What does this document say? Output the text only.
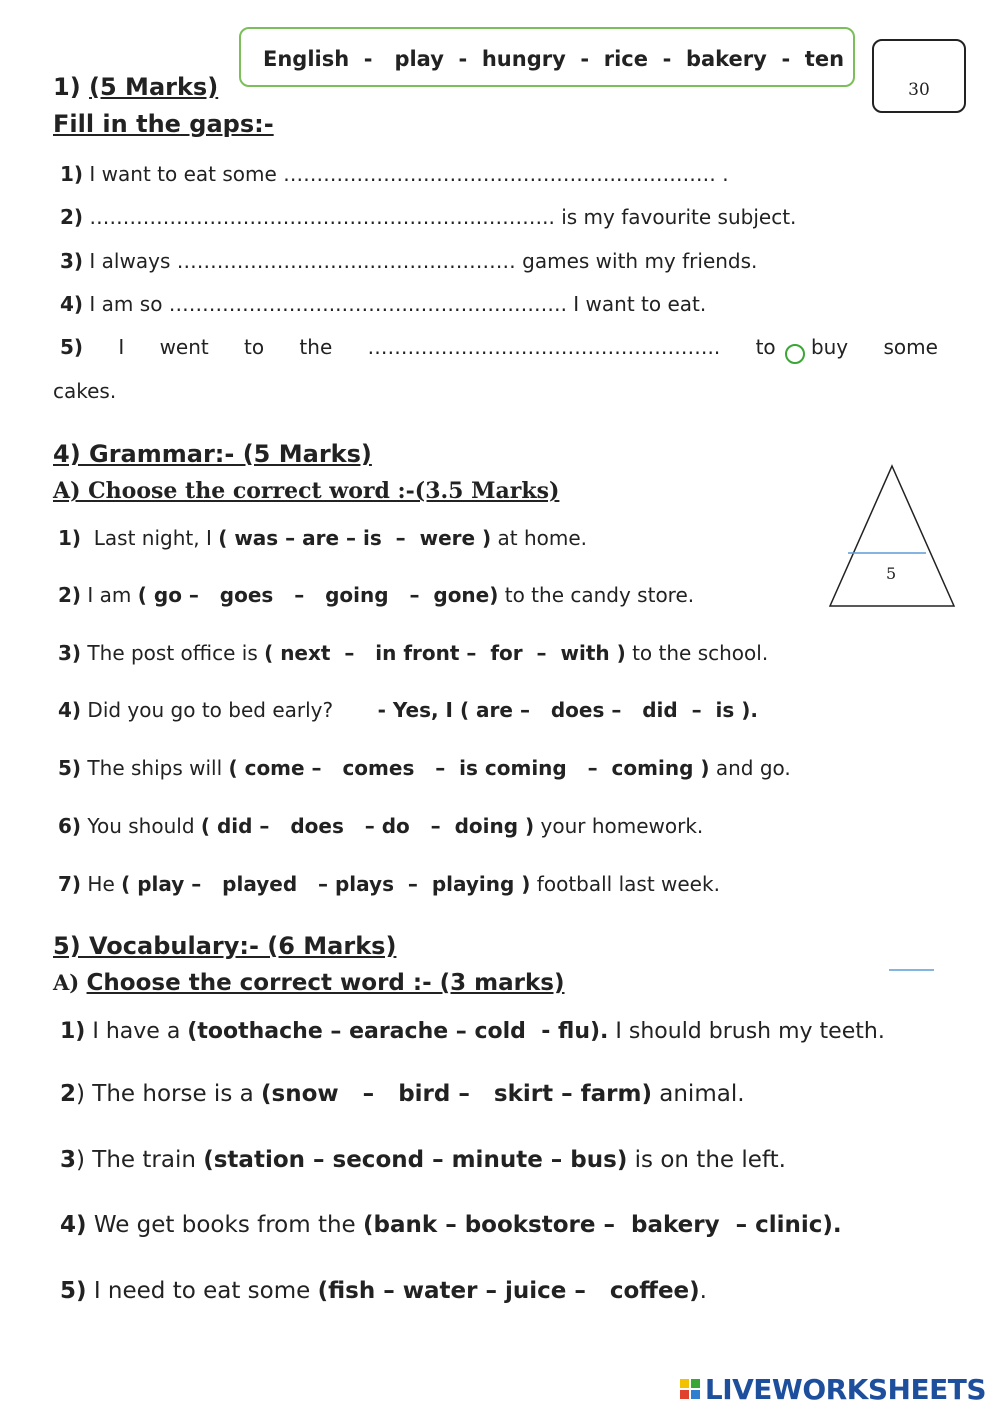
English  -   play  -  hungry  -  rice  -  bakery  -  ten
30
1) (5 Marks)
Fill in the gaps:-
1) I want to eat some ………………….……………………….…………… .
2) …………………………………………………..……….. is my favourite subject.
3) I always ………………………..……….………… games with my friends.
4) I am so ……………………..………...…………………. I want to eat.
5) I went to the …………………………………………….. to buy some
cakes.
4) Grammar:- (5 Marks)
A) Choose the correct word :-(3.5 Marks)
5
1)  Last night, I ( was – are – is  –  were ) at home.
2) I am ( go –   goes   –   going   –  gone) to the candy store.
3) The post office is ( next  –   in front –  for  –  with ) to the school.
4) Did you go to bed early?       - Yes, I ( are –   does –   did  –  is ).
5) The ships will ( come –   comes   –  is coming   –  coming ) and go.
6) You should ( did –   does   – do   –  doing ) your homework.
7) He ( play –   played   – plays  –  playing ) football last week.
5) Vocabulary:- (6 Marks)
A) Choose the correct word :- (3 marks)
1) I have a (toothache – earache – cold  - flu). I should brush my teeth.
2) The horse is a (snow   –   bird –   skirt – farm) animal.
3) The train (station – second – minute – bus) is on the left.
4) We get books from the (bank – bookstore –  bakery  – clinic).
5) I need to eat some (fish – water – juice –   coffee).
LIVEWORKSHEETS
